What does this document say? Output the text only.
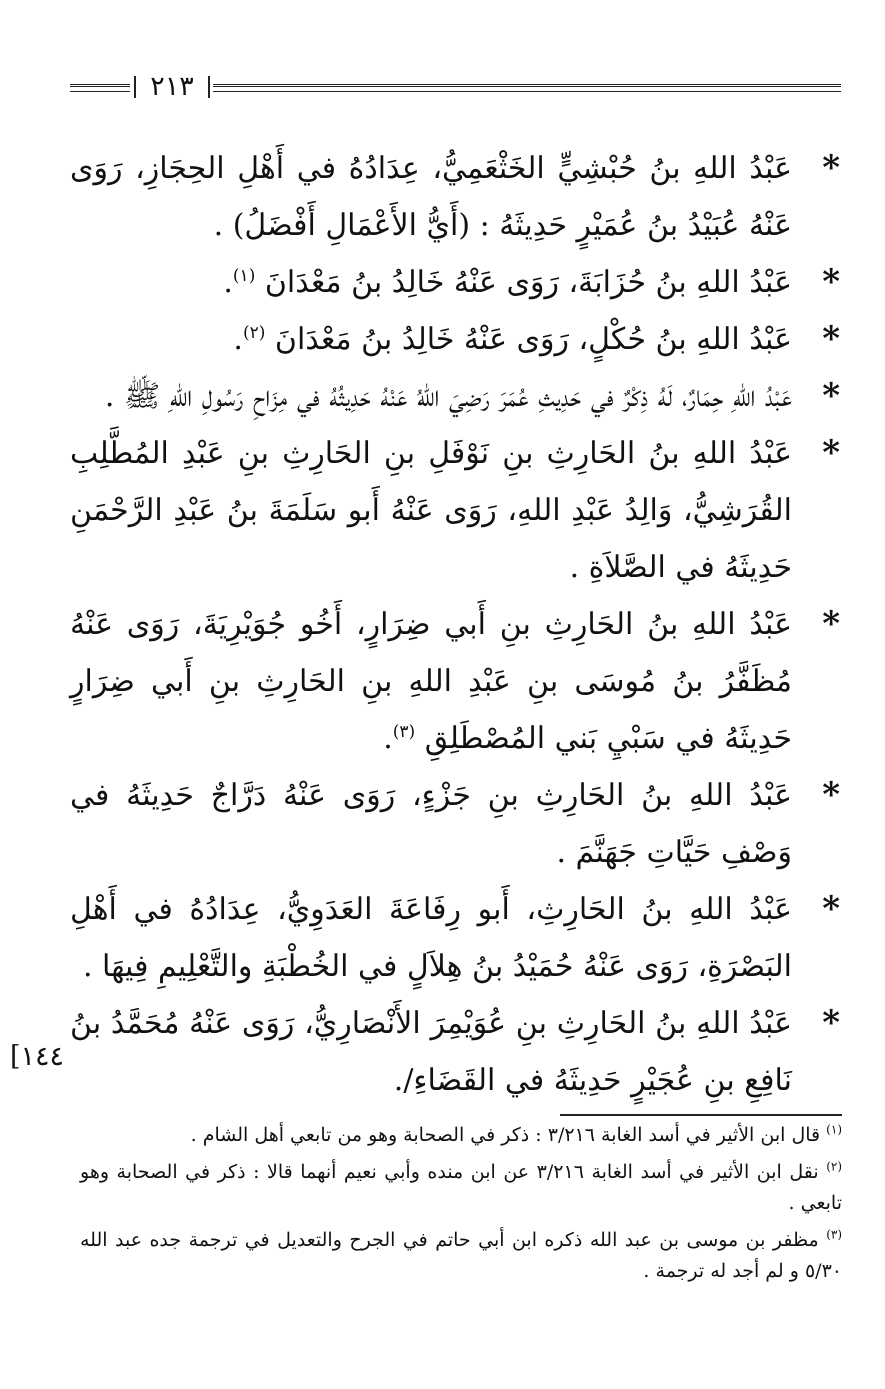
٢١٣

*
عَبْدُ اللهِ بنُ حُبْشِيٍّ الخَثْعَمِيُّ، عِدَادُهُ في أَهْلِ الحِجَازِ، رَوَى عَنْهُ عُبَيْدُ بنُ عُمَيْرٍ حَدِيثَهُ : (أَيُّ الأَعْمَالِ أَفْضَلُ) .

*
عَبْدُ اللهِ بنُ حُزَابَةَ، رَوَى عَنْهُ خَالِدُ بنُ مَعْدَانَ $^{(١)}$.

*
عَبْدُ اللهِ بنُ حُكْلٍ، رَوَى عَنْهُ خَالِدُ بنُ مَعْدَانَ $^{(٢)}$.

*
عَبْدُ اللهِ حِمَارٌ، لَهُ ذِكْرٌ في حَدِيثِ عُمَرَ رَضِيَ اللهُ عَنْهُ حَدِيثُهُ في مِزَاحِ رَسُولِ اللهِ ﷺ .

*
عَبْدُ اللهِ بنُ الحَارِثِ بنِ نَوْفَلِ بنِ الحَارِثِ بنِ عَبْدِ المُطَّلِبِ القُرَشِيُّ، وَالِدُ عَبْدِ اللهِ، رَوَى عَنْهُ أَبو سَلَمَةَ بنُ عَبْدِ الرَّحْمَنِ حَدِيثَهُ في الصَّلاَةِ .

*
عَبْدُ اللهِ بنُ الحَارِثِ بنِ أَبي ضِرَارٍ، أَخُو جُوَيْرِيَةَ، رَوَى عَنْهُ مُظَفَّرُ بنُ مُوسَى بنِ عَبْدِ اللهِ بنِ الحَارِثِ بنِ أَبي ضِرَارٍ حَدِيثَهُ في سَبْيِ بَني المُصْطَلِقِ $^{(٣)}$.

*
عَبْدُ اللهِ بنُ الحَارِثِ بنِ جَزْءٍ، رَوَى عَنْهُ دَرَّاجٌ حَدِيثَهُ في وَصْفِ حَيَّاتِ جَهَنَّمَ .

*
عَبْدُ اللهِ بنُ الحَارِثِ، أَبو رِفَاعَةَ العَدَوِيُّ، عِدَادُهُ في أَهْلِ البَصْرَةِ، رَوَى عَنْهُ حُمَيْدُ بنُ هِلاَلٍ في الخُطْبَةِ والتَّعْلِيمِ فِيهَا .

*
عَبْدُ اللهِ بنُ الحَارِثِ بنِ عُوَيْمِرَ الأَنْصَارِيُّ، رَوَى عَنْهُ مُحَمَّدُ بنُ نَافِعِ بنِ عُجَيْرٍ حَدِيثَهُ في القَضَاءِ/.

١٤٤]

$^{(١)}$ قال ابن الأثير في أسد الغابة ٣/٢١٦ : ذكر في الصحابة وهو من تابعي أهل الشام .

$^{(٢)}$ نقل ابن الأثير في أسد الغابة ٣/٢١٦ عن ابن منده وأبي نعيم أنهما قالا : ذكر في الصحابة وهو تابعي .

$^{(٣)}$ مظفر بن موسى بن عبد الله ذكره ابن أبي حاتم في الجرح والتعديل في ترجمة جده عبد الله ٥/٣٠ و لم أجد له ترجمة .
